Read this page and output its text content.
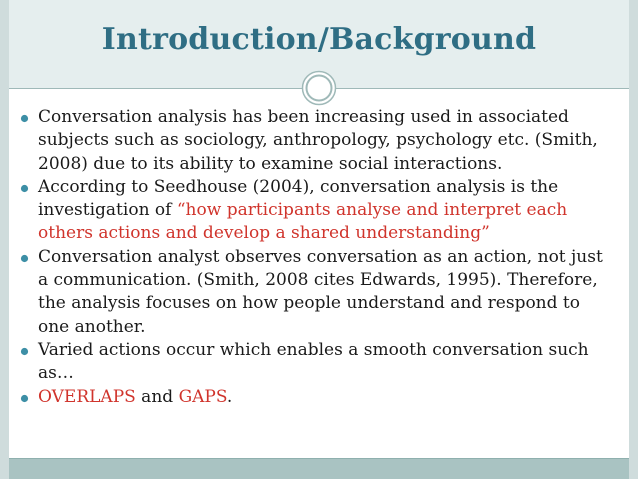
Introduction/Background
Conversation analysis has been increasing used in associated subjects such as sociology, anthropology, psychology etc. (Smith, 2008) due to its ability to examine social interactions.
According to Seedhouse (2004), conversation analysis is the investigation of “how participants analyse and interpret each others actions and develop a shared understanding”
Conversation analyst observes conversation as an action, not just a communication. (Smith, 2008 cites Edwards, 1995). Therefore, the analysis focuses on how people understand and respond to one another.
Varied actions occur which enables a smooth conversation such as…
OVERLAPS and GAPS.
